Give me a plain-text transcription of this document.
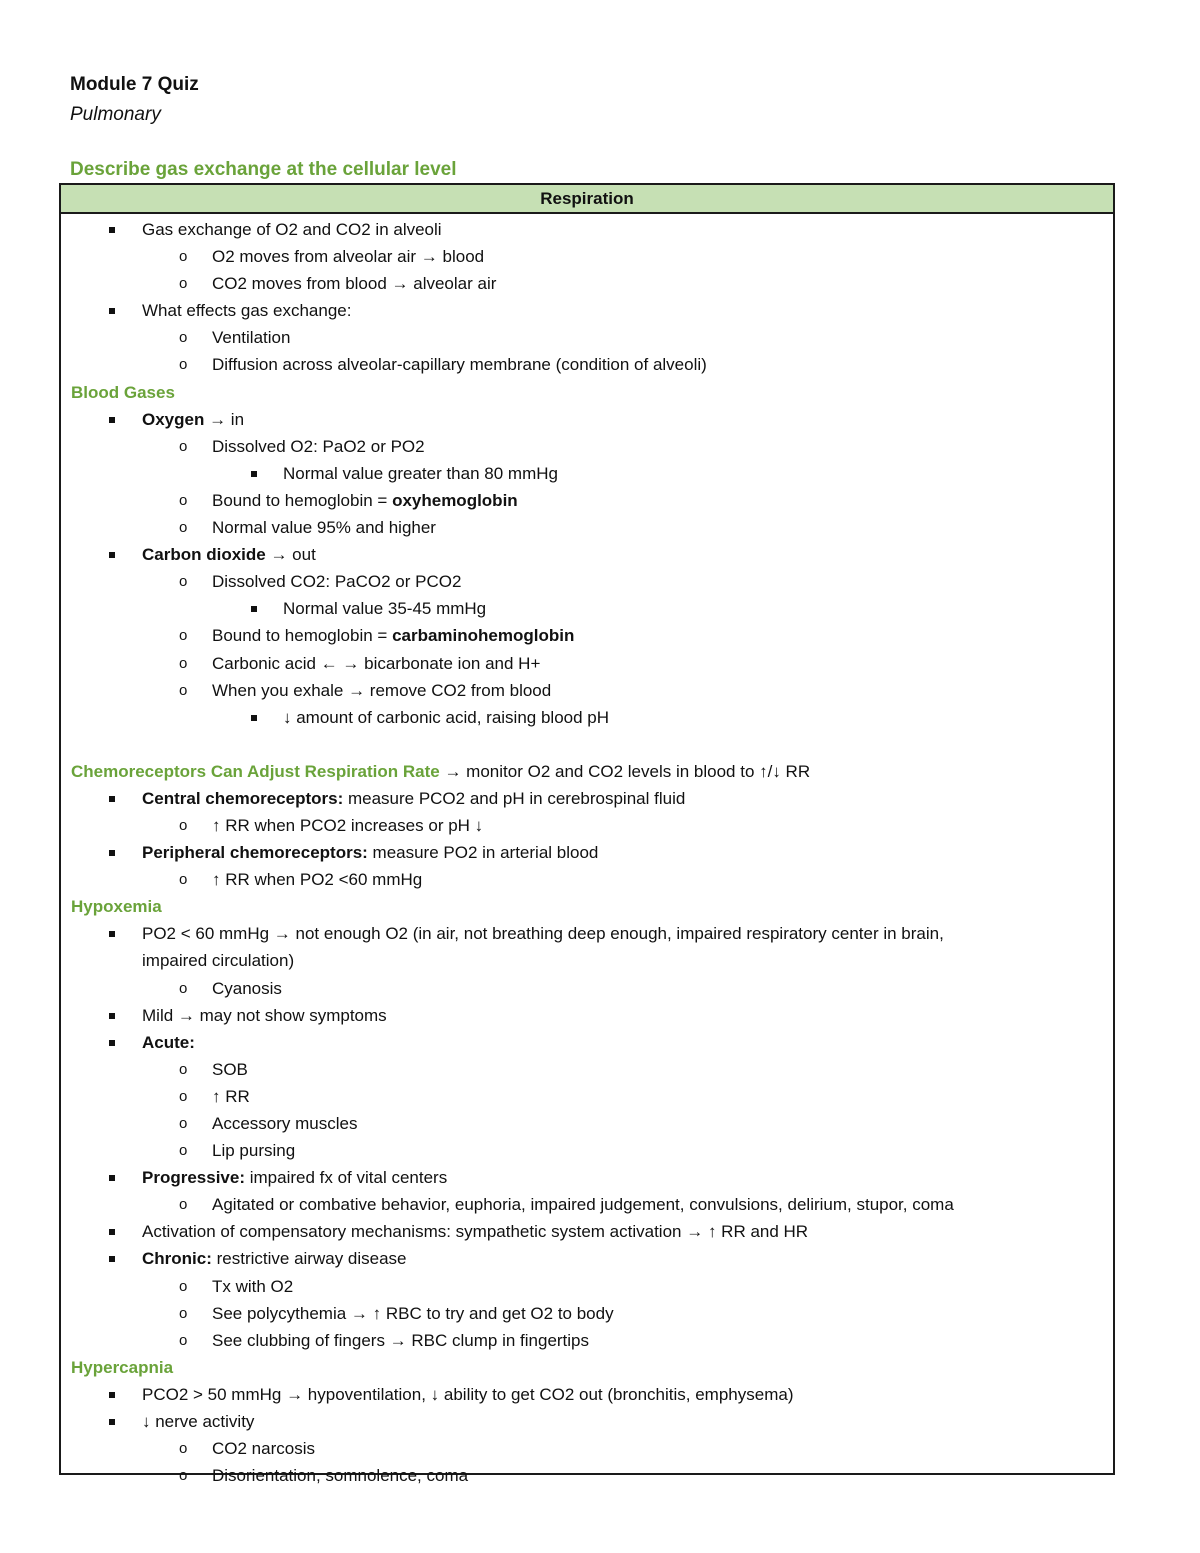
Module 7 Quiz
Pulmonary
Describe gas exchange at the cellular level
Respiration
Gas exchange of O2 and CO2 in alveoli
o O2 moves from alveolar air → blood
o CO2 moves from blood → alveolar air
What effects gas exchange:
o Ventilation
o Diffusion across alveolar-capillary membrane (condition of alveoli)
Blood Gases
Oxygen → in
o Dissolved O2: PaO2 or PO2
Normal value greater than 80 mmHg
o Bound to hemoglobin = oxyhemoglobin
o Normal value 95% and higher
Carbon dioxide → out
o Dissolved CO2: PaCO2 or PCO2
Normal value 35-45 mmHg
o Bound to hemoglobin = carbaminohemoglobin
o Carbonic acid ← → bicarbonate ion and H+
o When you exhale → remove CO2 from blood
↓ amount of carbonic acid, raising blood pH
Chemoreceptors Can Adjust Respiration Rate → monitor O2 and CO2 levels in blood to ↑/↓ RR
Central chemoreceptors: measure PCO2 and pH in cerebrospinal fluid
o ↑ RR when PCO2 increases or pH ↓
Peripheral chemoreceptors: measure PO2 in arterial blood
o ↑ RR when PO2 <60 mmHg
Hypoxemia
PO2 < 60 mmHg → not enough O2 (in air, not breathing deep enough, impaired respiratory center in brain,
impaired circulation)
o Cyanosis
Mild → may not show symptoms
Acute:
o SOB
o ↑ RR
o Accessory muscles
o Lip pursing
Progressive: impaired fx of vital centers
o Agitated or combative behavior, euphoria, impaired judgement, convulsions, delirium, stupor, coma
Activation of compensatory mechanisms: sympathetic system activation → ↑ RR and HR
Chronic: restrictive airway disease
o Tx with O2
o See polycythemia → ↑ RBC to try and get O2 to body
o See clubbing of fingers → RBC clump in fingertips
Hypercapnia
PCO2 > 50 mmHg → hypoventilation, ↓ ability to get CO2 out (bronchitis, emphysema)
↓ nerve activity
o CO2 narcosis
o Disorientation, somnolence, coma
